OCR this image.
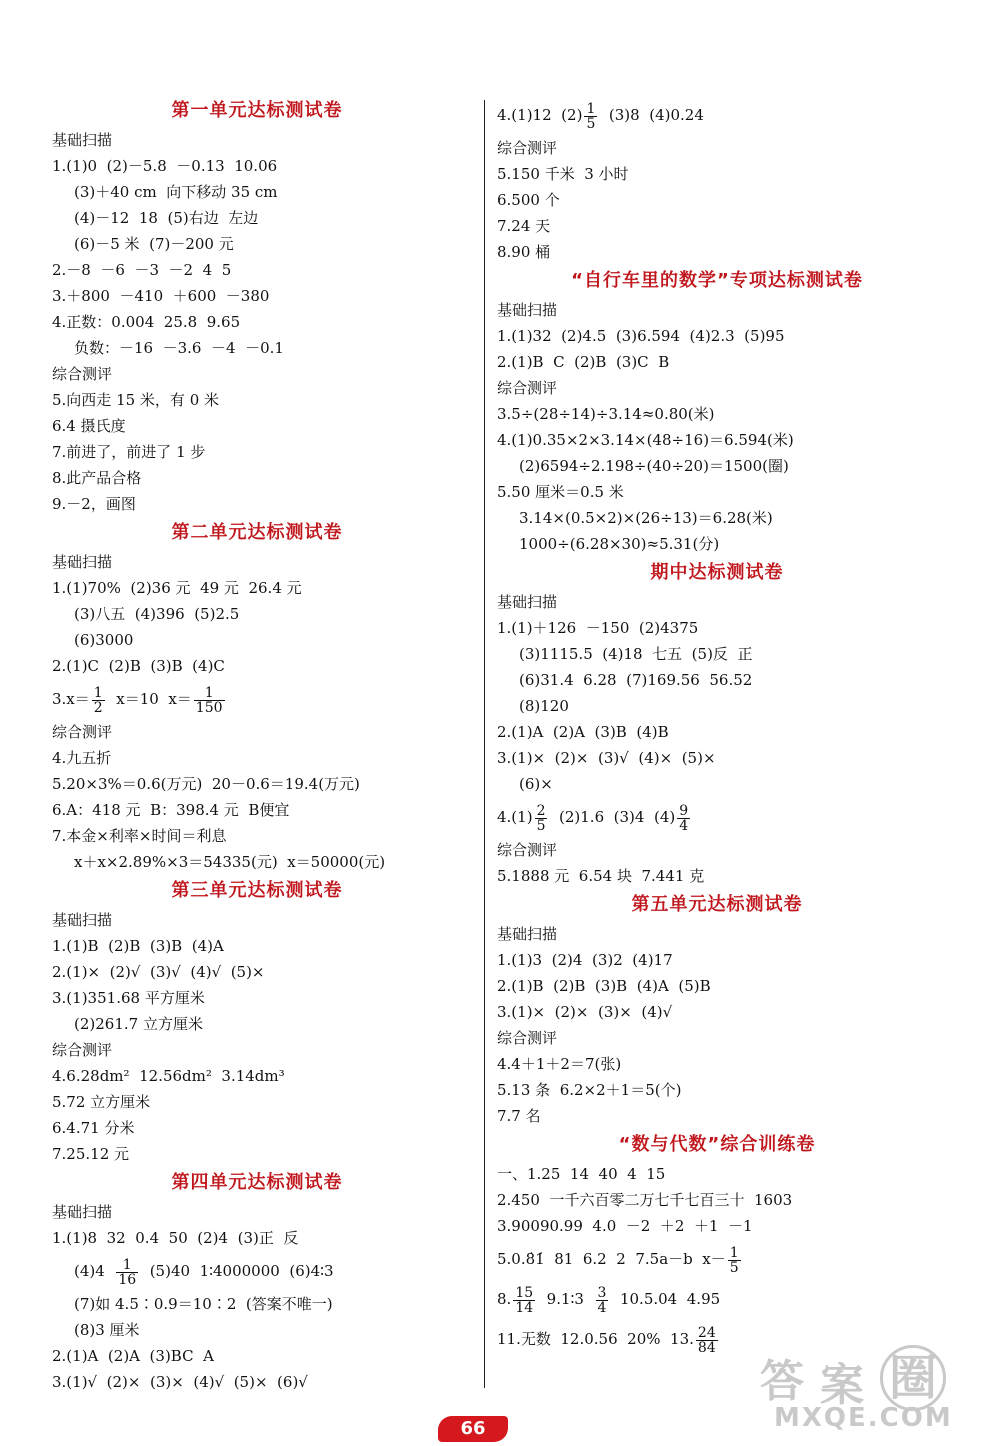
第一单元达标测试卷
基础扫描
1.(1)0  (2)－5.8  －0.13  10.06
(3)＋40 cm  向下移动 35 cm
(4)－12  18  (5)右边  左边
(6)－5 米  (7)－200 元
2.－8  －6  －3  －2  4  5
3.＋800  －410  ＋600  －380
4.正数：0.004  25.8  9.65
负数：－16  －3.6  －4  －0.1
综合测评
5.向西走 15 米，有 0 米
6.4 摄氏度
7.前进了，前进了 1 步
8.此产品合格
9.－2，画图
第二单元达标测试卷
基础扫描
1.(1)70%  (2)36 元  49 元  26.4 元
(3)八五  (4)396  (5)2.5
(6)3000
2.(1)C  (2)B  (3)B  (4)C
$3.x= \frac{1}{2} x=10$  $x= \frac{1}{150}$
综合测评
4.九五折
5.20×3%＝0.6(万元)  20－0.6＝19.4(万元)
6.A：418 元  B：398.4 元  B便宜
7.本金×利率×时间＝利息
x＋x×2.89%×3＝54335(元)  x＝50000(元)
第三单元达标测试卷
基础扫描
1.(1)B  (2)B  (3)B  (4)A
2.(1)×  (2)√  (3)√  (4)√  (5)×
3.(1)351.68 平方厘米
(2)261.7 立方厘米
综合测评
4.6.28dm²  12.56dm²  3.14dm³
5.72 立方厘米
6.4.71 分米
7.25.12 元
第四单元达标测试卷
基础扫描
1.(1)8  32  0.4  50  (2)4  (3)正  反
$(4)4 \frac{1}{16} (5)40$  1∶4000000  (6)4∶3
(7)如 4.5∶0.9＝10∶2  (答案不唯一)
(8)3 厘米
2.(1)A  (2)A  (3)BC  A
3.(1)√  (2)×  (3)×  (4)√  (5)×  (6)√
4.(1)12  $(2) \frac{1}{5} (3)8$  (4)0.24
综合测评
5.150 千米  3 小时
6.500 个
7.24 天
8.90 桶
“自行车里的数学”专项达标测试卷
基础扫描
1.(1)32  (2)4.5  (3)6.594  (4)2.3  (5)95
2.(1)B  C  (2)B  (3)C  B
综合测评
3.5÷(28÷14)÷3.14≈0.80(米)
4.(1)0.35×2×3.14×(48÷16)＝6.594(米)
(2)6594÷2.198÷(40÷20)＝1500(圈)
5.50 厘米＝0.5 米
3.14×(0.5×2)×(26÷13)＝6.28(米)
1000÷(6.28×30)≈5.31(分)
期中达标测试卷
基础扫描
1.(1)＋126  －150  (2)4375
(3)1115.5  (4)18  七五  (5)反  正
(6)31.4  6.28  (7)169.56  56.52
(8)120
2.(1)A  (2)A  (3)B  (4)B
3.(1)×  (2)×  (3)√  (4)×  (5)×
(6)×
$4.(1) \frac{2}{5} (2)1.6$  (3)4  $(4) \frac{9}{4}$
综合测评
5.1888 元  6.54 块  7.441 克
第五单元达标测试卷
基础扫描
1.(1)3  (2)4  (3)2  (4)17
2.(1)B  (2)B  (3)B  (4)A  (5)B
3.(1)×  (2)×  (3)×  (4)√
综合测评
4.4＋1＋2＝7(张)
5.13 条  6.2×2＋1＝5(个)
7.7 名
“数与代数”综合训练卷
一、1.25  14  40  4  15
2.450  一千六百零二万七千七百三十  1603
3.90090.99  4.0  －2  ＋2  ＋1  －1
5.0.8̇1̇  81  6.2  2  7.5a－b  $x- \frac{1}{5}$
8. $\frac{15}{14}$ 9.1∶3 $\frac{3}{4} 10.5.04$  4.95
11.无数  12.0.56  20%  13. $\frac{24}{84}$
66
答 案 圈
MXQE.COM
